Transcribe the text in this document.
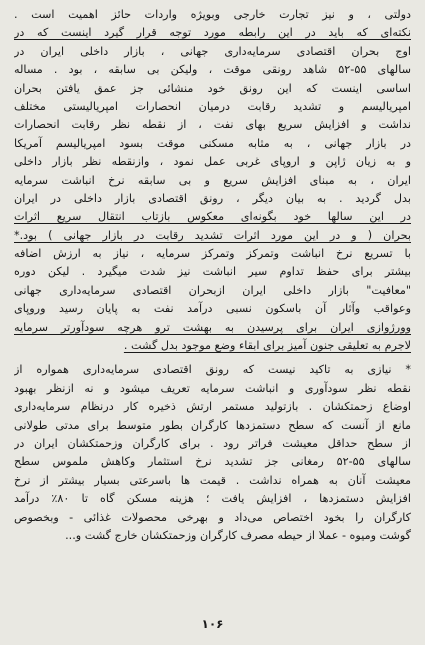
دولتی ، و نیز تجارت خارجی وبویژه واردات حائز اهمیت است .
نکته‌ای که باید در این رابطه مورد توجه قرار گیرد اینست که در
اوج بحران اقتصادی سرمایه‌داری جهانی ، بازار داخلی ایران در
سالهای ۵۵-۵۲ شاهد رونقی موقت ، ولیکن بی سابقه ، بود . مساله
اساسی اینست که این رونق خود منشائی جز عمق یافتن بحران
امپریالیسم و تشدید رقابت درمیان انحصارات امپریالیستی مختلف
نداشت و افزایش سریع بهای نفت ، از نقطه نظر رقابت انحصارات
در بازار جهانی ، به مثابه مسکنی موقت بسود امپریالیسم آمریکا
و به زیان ژاپن و اروپای غربی عمل نمود ، وازنقطه نظر بازار داخلی
ایران ، به مبنای افزایش سریع و بی سابقه نرخ انباشت سرمایه
بدل گردید . به بیان دیگر ، رونق اقتصادی بازار داخلی در ایران
در این سالها خود بگونه‌ای معکوس بازتاب انتقال سریع اثرات
بحران ( و در این مورد اثرات تشدید رقابت در بازار جهانی ) بود.*
با تسریع نرخ انباشت وتمرکز وتمرکز سرمایه ، نیاز به ارزش اضافه
بیشتر برای حفظ تداوم سیر انباشت نیز شدت میگیرد . لیکن دوره
"معافیت" بازار داخلی ایران ازبحران اقتصادی سرمایه‌داری جهانی
وعواقب وآثار آن باسکون نسبی درآمد نفت به پایان رسید وروپای
وورژوازی ایران برای پرسیدن به بهشت ترو هرچه سودآورتر سرمایه
لاجرم به تعلیقی جنون آمیز برای ابقاء وضع موجود بدل گشت .
* نیازی به تاکید نیست که رونق اقتصادی سرمایه‌داری همواره از
نقطه نظر سودآوری و انباشت سرمایه تعریف میشود و نه ازنظر بهبود
اوضاع زحمتکشان . بازتولید مستمر ارتش ذخیره کار درنظام سرمایه‌داری
مانع از آنست که سطح دستمزدها کارگران بطور متوسط برای مدتی طولانی
از سطح حداقل معیشت فراتر رود . برای کارگران وزحمتکشان ایران در
سالهای ۵۵-۵۲ رمغانی جز تشدید نرخ استثمار وکاهش ملموس سطح
معیشت آنان به همراه نداشت . قیمت ها باسرعتی بسیار بیشتر از نرخ
افزایش دستمزدها ، افزایش یافت ؛ هزینه مسکن گاه تا ۸۰٪ درآمد
کارگران را بخود اختصاص می‌داد و بهرخی محصولات غذائی - وبخصوص
گوشت ومیوه - عملا از حیطه مصرف کارگران وزحمتکشان خارج گشت و...
۱۰۶
